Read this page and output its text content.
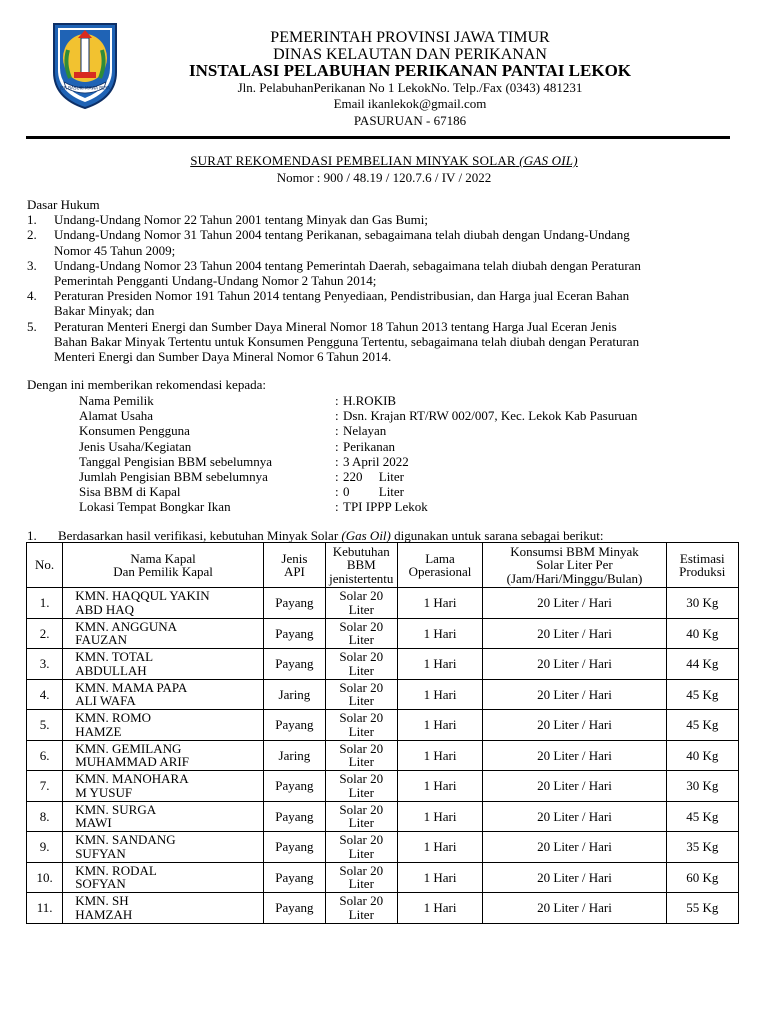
JER BASUKI MAWA BEYA
PEMERINTAH PROVINSI JAWA TIMUR
DINAS KELAUTAN DAN PERIKANAN
INSTALASI PELABUHAN PERIKANAN PANTAI LEKOK
Jln. PelabuhanPerikanan No 1 LekokNo. Telp./Fax (0343) 481231
Email ikanlekok@gmail.com
PASURUAN - 67186
SURAT REKOMENDASI PEMBELIAN MINYAK SOLAR (GAS OIL)
Nomor : 900 / 48.19 / 120.7.6 / IV / 2022
Dasar Hukum
1. Undang-Undang Nomor 22 Tahun 2001 tentang Minyak dan Gas Bumi;
2. Undang-Undang Nomor 31 Tahun 2004 tentang Perikanan, sebagaimana telah diubah dengan Undang-Undang
Nomor 45 Tahun 2009;
3. Undang-Undang Nomor 23 Tahun 2004 tentang Pemerintah Daerah, sebagaimana telah diubah dengan Peraturan
Pemerintah Pengganti Undang-Undang Nomor 2 Tahun 2014;
4. Peraturan Presiden Nomor 191 Tahun 2014 tentang Penyediaan, Pendistribusian, dan Harga jual Eceran Bahan
Bakar Minyak; dan
5. Peraturan Menteri Energi dan Sumber Daya Mineral Nomor 18 Tahun 2013 tentang Harga Jual Eceran Jenis
Bahan Bakar Minyak Tertentu untuk Konsumen Pengguna Tertentu, sebagaimana telah diubah dengan Peraturan
Menteri Energi dan Sumber Daya Mineral Nomor 6 Tahun 2014.
Dengan ini memberikan rekomendasi kepada:
Nama Pemilik	: H.ROKIB
Alamat Usaha	: Dsn. Krajan RT/RW 002/007, Kec. Lekok Kab Pasuruan
Konsumen Pengguna	: Nelayan
Jenis Usaha/Kegiatan	: Perikanan
Tanggal Pengisian BBM sebelumnya	: 3 April 2022
Jumlah Pengisian BBM sebelumnya	: 220     Liter
Sisa BBM di Kapal	: 0         Liter
Lokasi Tempat Bongkar Ikan	: TPI IPPP Lekok
1. Berdasarkan hasil verifikasi, kebutuhan Minyak Solar (Gas Oil) digunakan untuk sarana sebagai berikut:
No.	Nama Kapal
Dan Pemilik Kapal	Jenis
API	Kebutuhan
BBM
jenistertentu	Lama
Operasional	Konsumsi BBM Minyak
Solar Liter Per
(Jam/Hari/Minggu/Bulan)	Estimasi
Produksi

1.	KMN. HAQQUL YAKIN
ABD HAQ	Payang	Solar 20
Liter	1 Hari	20 Liter / Hari	30 Kg
2.	KMN. ANGGUNA
FAUZAN	Payang	Solar 20
Liter	1 Hari	20 Liter / Hari	40 Kg
3.	KMN. TOTAL
ABDULLAH	Payang	Solar 20
Liter	1 Hari	20 Liter / Hari	44 Kg
4.	KMN. MAMA PAPA
ALI WAFA	Jaring	Solar 20
Liter	1 Hari	20 Liter / Hari	45 Kg
5.	KMN. ROMO
HAMZE	Payang	Solar 20
Liter	1 Hari	20 Liter / Hari	45 Kg
6.	KMN. GEMILANG
MUHAMMAD ARIF	Jaring	Solar 20
Liter	1 Hari	20 Liter / Hari	40 Kg
7.	KMN. MANOHARA
M YUSUF	Payang	Solar 20
Liter	1 Hari	20 Liter / Hari	30 Kg
8.	KMN. SURGA
MAWI	Payang	Solar 20
Liter	1 Hari	20 Liter / Hari	45 Kg
9.	KMN. SANDANG
SUFYAN	Payang	Solar 20
Liter	1 Hari	20 Liter / Hari	35 Kg
10.	KMN. RODAL
SOFYAN	Payang	Solar 20
Liter	1 Hari	20 Liter / Hari	60 Kg
11.	KMN. SH
HAMZAH	Payang	Solar 20
Liter	1 Hari	20 Liter / Hari	55 Kg
